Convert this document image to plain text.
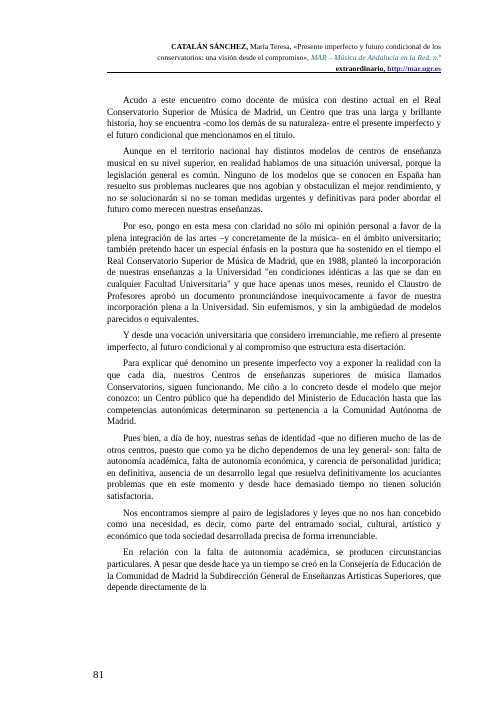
CATALÁN SÁNCHEZ, María Teresa, «Presente imperfecto y futuro condicional de los
conservatorios: una visión desde el compromiso», MAR – Música de Andalucía en la Red, n.º
extraordinario, http://mar.ugr.es

Acudo a este encuentro como docente de música con destino actual en el Real Conservatorio Superior de Música de Madrid, un Centro que tras una larga y brillante historia, hoy se encuentra -como los demás de su naturaleza- entre el presente imperfecto y el futuro condicional que mencionamos en el título.

Aunque en el territorio nacional hay distintos modelos de centros de enseñanza musical en su nivel superior, en realidad hablamos de una situación universal, porque la legislación general es común. Ninguno de los modelos que se conocen en España han resuelto sus problemas nucleares que nos agobian y obstaculizan el mejor rendimiento, y no se solucionarán si no se toman medidas urgentes y definitivas para poder abordar el futuro como merecen nuestras enseñanzas.

Por eso, pongo en esta mesa con claridad no sólo mi opinión personal a favor de la plena integración de las artes –y concretamente de la música- en el ámbito universitario; también pretendo hacer un especial énfasis en la postura que ha sostenido en el tiempo el Real Conservatorio Superior de Música de Madrid, que en 1988, planteó la incorporación de nuestras enseñanzas a la Universidad "en condiciones idénticas a las que se dan en cualquier Facultad Universitaria" y que hace apenas unos meses, reunido el Claustro de Profesores aprobó un documento pronunciándose inequívocamente a favor de nuestra incorporación plena a la Universidad. Sin eufemismos, y sin la ambigüedad de modelos parecidos o equivalentes.

Y desde una vocación universitaria que considero irrenunciable, me refiero al presente imperfecto, al futuro condicional y al compromiso que estructura esta disertación.

Para explicar qué denomino un presente imperfecto voy a exponer la realidad con la que cada día, nuestros Centros de enseñanzas superiores de música llamados Conservatorios, siguen funcionando. Me ciño a lo concreto desde el modelo que mejor conozco: un Centro público que ha dependido del Ministerio de Educación hasta que las competencias autonómicas determinaron su pertenencia a la Comunidad Autónoma de Madrid.

Pues bien, a día de hoy, nuestras señas de identidad -que no difieren mucho de las de otros centros, puesto que como ya he dicho dependemos de una ley general- son: falta de autonomía académica, falta de autonomía económica, y carencia de personalidad jurídica; en definitiva, ausencia de un desarrollo legal que resuelva definitivamente los acuciantes problemas que en este momento y desde hace demasiado tiempo no tienen solución satisfactoria.

Nos encontramos siempre al pairo de legisladores y leyes que no nos han concebido como una necesidad, es decir, como parte del entramado social, cultural, artístico y económico que toda sociedad desarrollada precisa de forma irrenunciable.

En relación con la falta de autonomía académica, se producen circunstancias particulares. A pesar que desde hace ya un tiempo se creó en la Consejería de Educación de la Comunidad de Madrid la Subdirección General de Enseñanzas Artísticas Superiores, que depende directamente de la

81
